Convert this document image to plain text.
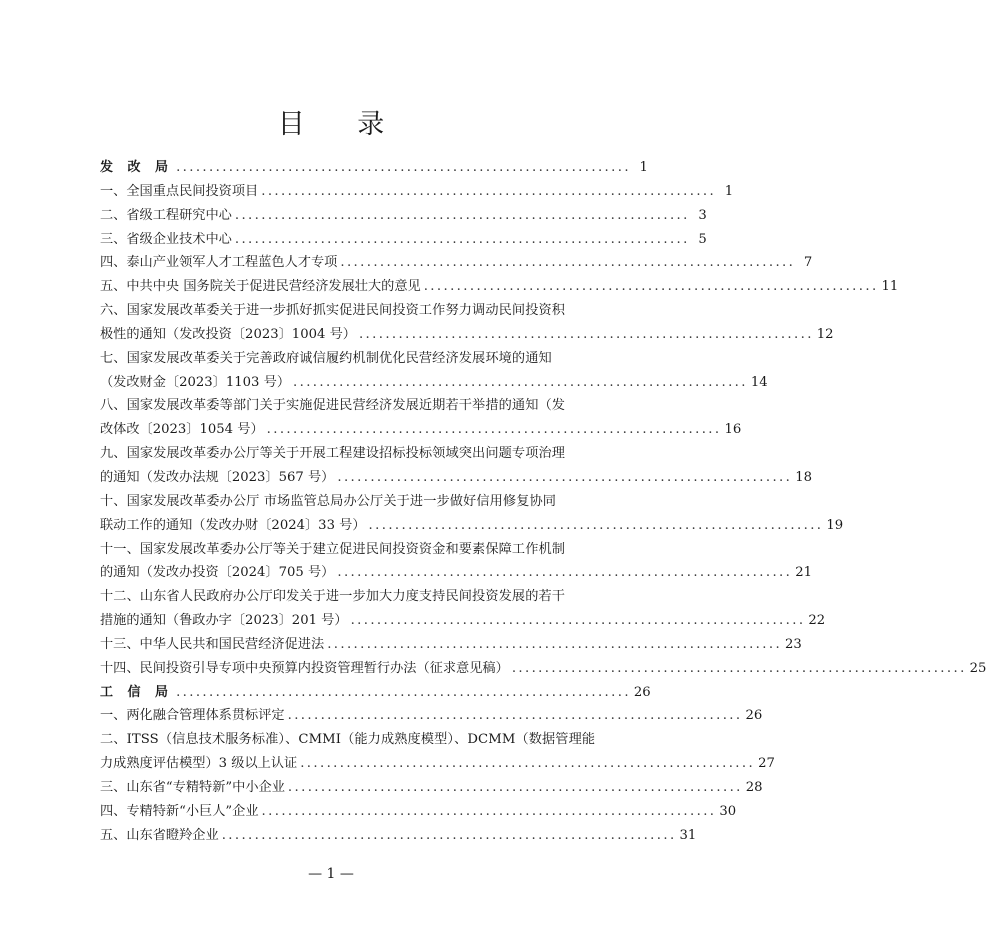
目 录
发 改 局 ..................................................................... 1
一、全国重点民间投资项目 ..................................................................... 1
二、省级工程研究中心 ..................................................................... 3
三、省级企业技术中心 ..................................................................... 5
四、泰山产业领军人才工程蓝色人才专项 ..................................................................... 7
五、中共中央 国务院关于促进民营经济发展壮大的意见 ..................................................................... 11
六、国家发展改革委关于进一步抓好抓实促进民间投资工作努力调动民间投资积
极性的通知（发改投资〔2023〕1004 号） ..................................................................... 12
七、国家发展改革委关于完善政府诚信履约机制优化民营经济发展环境的通知
（发改财金〔2023〕1103 号） ..................................................................... 14
八、国家发展改革委等部门关于实施促进民营经济发展近期若干举措的通知（发
改体改〔2023〕1054 号） ..................................................................... 16
九、国家发展改革委办公厅等关于开展工程建设招标投标领域突出问题专项治理
的通知（发改办法规〔2023〕567 号） ..................................................................... 18
十、国家发展改革委办公厅 市场监管总局办公厅关于进一步做好信用修复协同
联动工作的通知（发改办财〔2024〕33 号） ..................................................................... 19
十一、国家发展改革委办公厅等关于建立促进民间投资资金和要素保障工作机制
的通知（发改办投资〔2024〕705 号） ..................................................................... 21
十二、山东省人民政府办公厅印发关于进一步加大力度支持民间投资发展的若干
措施的通知（鲁政办字〔2023〕201 号） ..................................................................... 22
十三、中华人民共和国民营经济促进法 ..................................................................... 23
十四、民间投资引导专项中央预算内投资管理暂行办法（征求意见稿） ..................................................................... 25
工 信 局 ..................................................................... 26
一、两化融合管理体系贯标评定 ..................................................................... 26
二、ITSS（信息技术服务标准）、CMMI（能力成熟度模型）、DCMM（数据管理能
力成熟度评估模型）3 级以上认证 ..................................................................... 27
三、山东省“专精特新”中小企业 ..................................................................... 28
四、专精特新“小巨人”企业 ..................................................................... 30
五、山东省瞪羚企业 ..................................................................... 31
— 1 —
